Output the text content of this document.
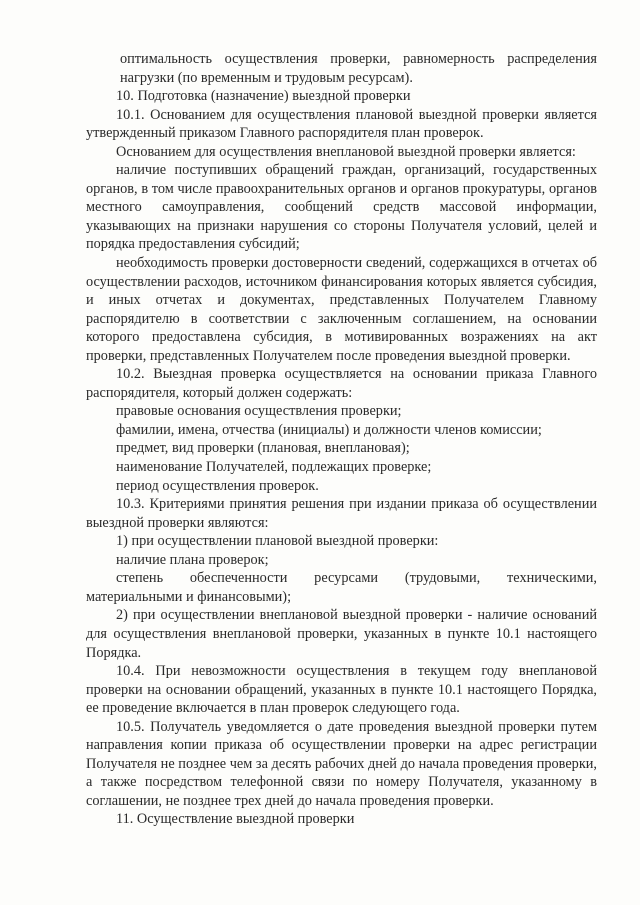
оптимальность осуществления проверки, равномерность распределения нагрузки (по временным и трудовым ресурсам).

10. Подготовка (назначение) выездной проверки

10.1. Основанием для осуществления плановой выездной проверки является утвержденный приказом Главного распорядителя план проверок.

Основанием для осуществления внеплановой выездной проверки является:

наличие поступивших обращений граждан, организаций, государственных органов, в том числе правоохранительных органов и органов прокуратуры, органов местного самоуправления, сообщений средств массовой информации, указывающих на признаки нарушения со стороны Получателя условий, целей и порядка предоставления субсидий;

необходимость проверки достоверности сведений, содержащихся в отчетах об осуществлении расходов, источником финансирования которых является субсидия, и иных отчетах и документах, представленных Получателем Главному распорядителю в соответствии с заключенным соглашением, на основании которого предоставлена субсидия, в мотивированных возражениях на акт проверки, представленных Получателем после проведения выездной проверки.

10.2. Выездная проверка осуществляется на основании приказа Главного распорядителя, который должен содержать:

правовые основания осуществления проверки;

фамилии, имена, отчества (инициалы) и должности членов комиссии;

предмет, вид проверки (плановая, внеплановая);

наименование Получателей, подлежащих проверке;

период осуществления проверок.

10.3. Критериями принятия решения при издании приказа об осуществлении выездной проверки являются:

1) при осуществлении плановой выездной проверки:

наличие плана проверок;

степень обеспеченности ресурсами (трудовыми, техническими, материальными и финансовыми);

2) при осуществлении внеплановой выездной проверки - наличие оснований для осуществления внеплановой проверки, указанных в пункте 10.1 настоящего Порядка.

10.4. При невозможности осуществления в текущем году внеплановой проверки на основании обращений, указанных в пункте 10.1 настоящего Порядка, ее проведение включается в план проверок следующего года.

10.5. Получатель уведомляется о дате проведения выездной проверки путем направления копии приказа об осуществлении проверки на адрес регистрации Получателя не позднее чем за десять рабочих дней до начала проведения проверки, а также посредством телефонной связи по номеру Получателя, указанному в соглашении, не позднее трех дней до начала проведения проверки.

11. Осуществление выездной проверки
